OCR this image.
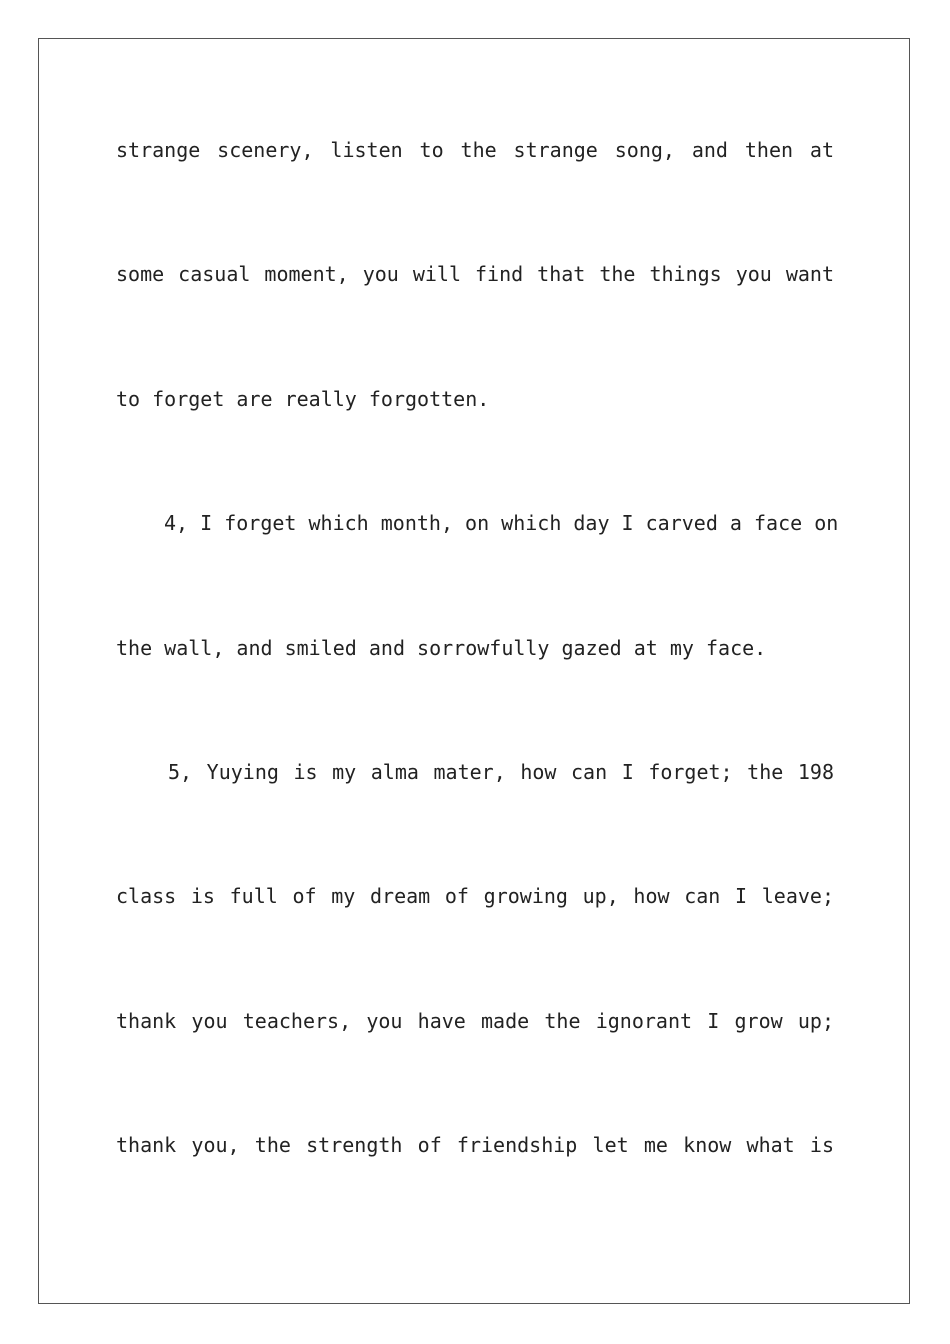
strange scenery, listen to the strange song, and then at
some casual moment, you will find that the things you want
to forget are really forgotten.
4, I forget which month, on which day I carved a face on
the wall, and smiled and sorrowfully gazed at my face.
5, Yuying is my alma mater, how can I forget; the 198
class is full of my dream of growing up, how can I leave;
thank you teachers, you have made the ignorant I grow up;
thank you, the strength of friendship let me know what is
